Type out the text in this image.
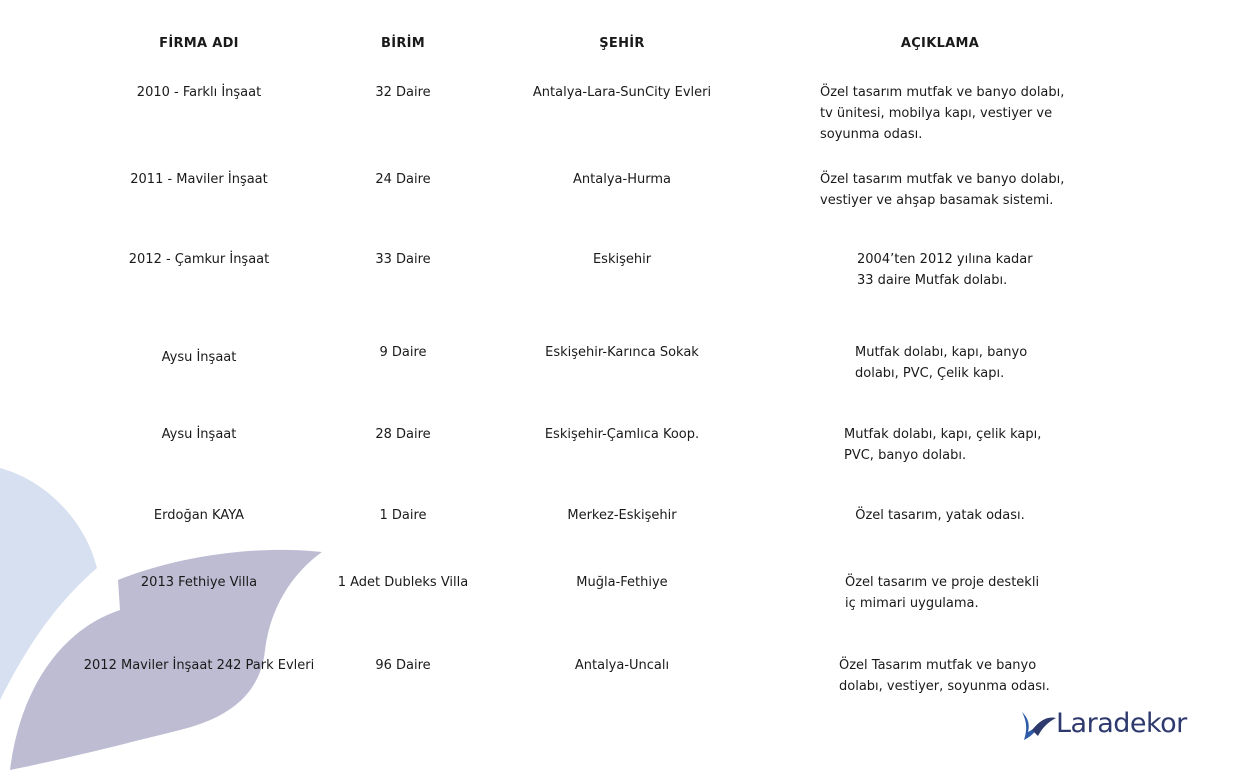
FİRMA ADI	BİRİM	ŞEHİR	AÇIKLAMA
2010 - Farklı İnşaat	32 Daire	Antalya-Lara-SunCity Evleri	Özel tasarım mutfak ve banyo dolabı,
tv ünitesi, mobilya kapı, vestiyer ve
soyunma odası.
2011 - Maviler İnşaat	24 Daire	Antalya-Hurma	Özel tasarım mutfak ve banyo dolabı,
vestiyer ve ahşap basamak sistemi.
2012 - Çamkur İnşaat	33 Daire	Eskişehir	2004’ten 2012 yılına kadar
33 daire Mutfak dolabı.
Aysu İnşaat	9 Daire	Eskişehir-Karınca Sokak	Mutfak dolabı, kapı, banyo
dolabı, PVC, Çelik kapı.
Aysu İnşaat	28 Daire	Eskişehir-Çamlıca Koop.	Mutfak dolabı, kapı, çelik kapı,
PVC, banyo dolabı.
Erdoğan KAYA	1 Daire	Merkez-Eskişehir	Özel tasarım, yatak odası.
2013 Fethiye Villa	1 Adet Dubleks Villa	Muğla-Fethiye	Özel tasarım ve proje destekli
iç mimari uygulama.
2012 Maviler İnşaat 242 Park Evleri	96 Daire	Antalya-Uncalı	Özel Tasarım mutfak ve banyo
dolabı, vestiyer, soyunma odası.
Laradekor
